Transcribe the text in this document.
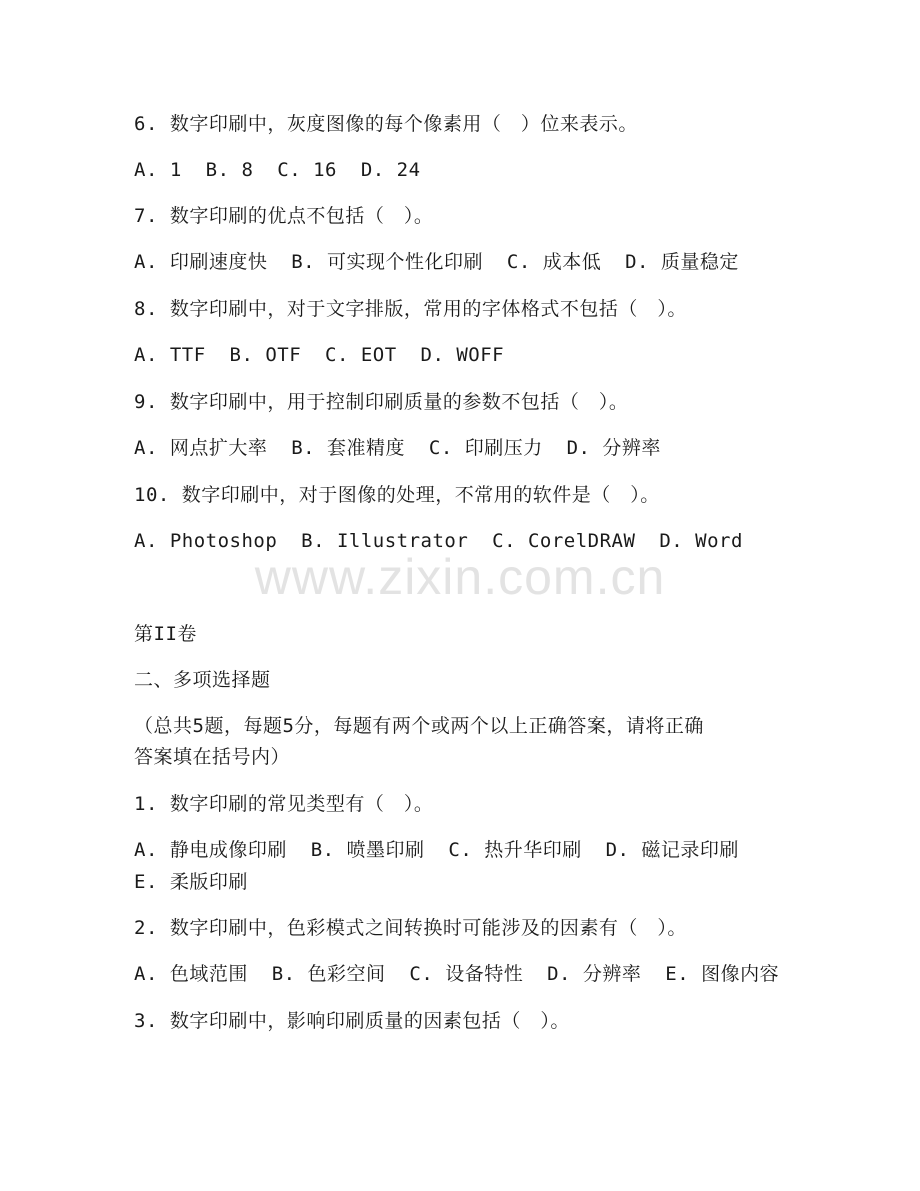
6. 数字印刷中，灰度图像的每个像素用（　）位来表示。
A. 1  B. 8  C. 16  D. 24
7. 数字印刷的优点不包括（　）。
A. 印刷速度快  B. 可实现个性化印刷  C. 成本低  D. 质量稳定
8. 数字印刷中，对于文字排版，常用的字体格式不包括（　）。
A. TTF  B. OTF  C. EOT  D. WOFF
9. 数字印刷中，用于控制印刷质量的参数不包括（　）。
A. 网点扩大率  B. 套准精度  C. 印刷压力  D. 分辨率
10. 数字印刷中，对于图像的处理，不常用的软件是（　）。
A. Photoshop  B. Illustrator  C. CorelDRAW  D. Word
www.zixin.com.cn
第II卷
二、多项选择题
（总共5题，每题5分，每题有两个或两个以上正确答案，请将正确
答案填在括号内）
1. 数字印刷的常见类型有（　）。
A. 静电成像印刷  B. 喷墨印刷  C. 热升华印刷  D. 磁记录印刷
E. 柔版印刷
2. 数字印刷中，色彩模式之间转换时可能涉及的因素有（　）。
A. 色域范围  B. 色彩空间  C. 设备特性  D. 分辨率  E. 图像内容
3. 数字印刷中，影响印刷质量的因素包括（　）。
